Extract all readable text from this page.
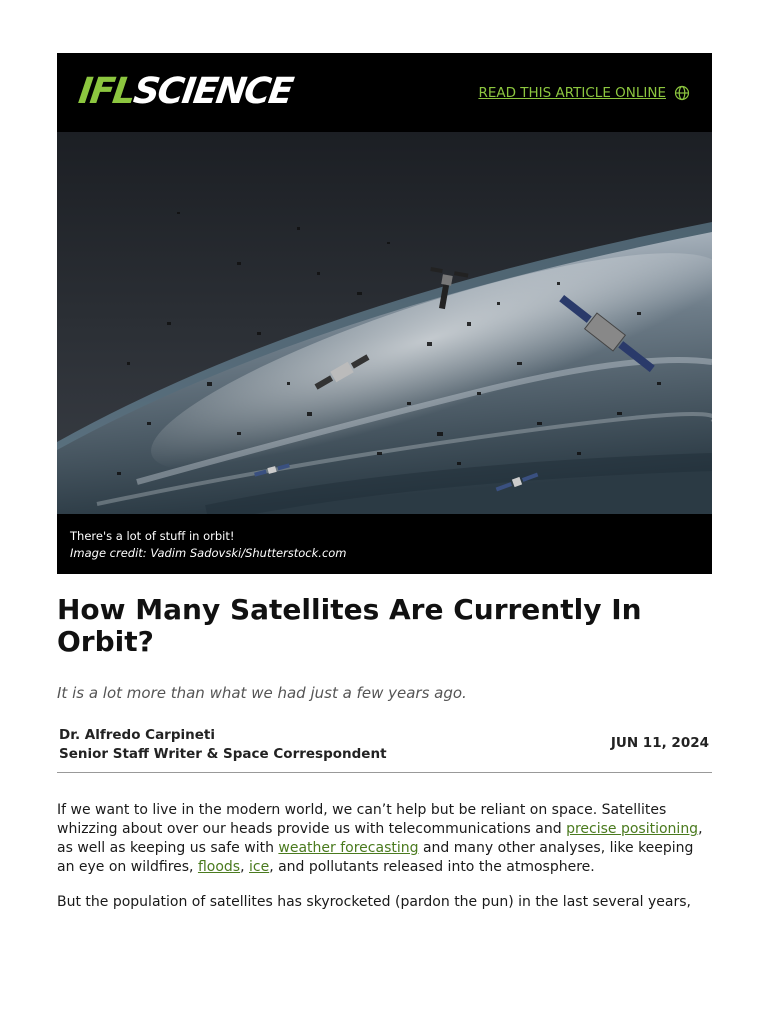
IFL
SCIENCE	READ THIS ARTICLE ONLINE
There's a lot of stuff in orbit!
Image credit: Vadim Sadovski/Shutterstock.com
How Many Satellites Are Currently In Orbit?
It is a lot more than what we had just a few years ago.
Dr. Alfredo Carpineti
Senior Staff Writer & Space Correspondent
JUN 11, 2024

If we want to live in the modern world, we can’t help but be reliant on space. Satellites whizzing about over our heads provide us with telecommunications and precise positioning, as well as keeping us safe with weather forecasting and many other analyses, like keeping an eye on wildfires, floods, ice, and pollutants released into the atmosphere.

But the population of satellites has skyrocketed (pardon the pun) in the last several years,
